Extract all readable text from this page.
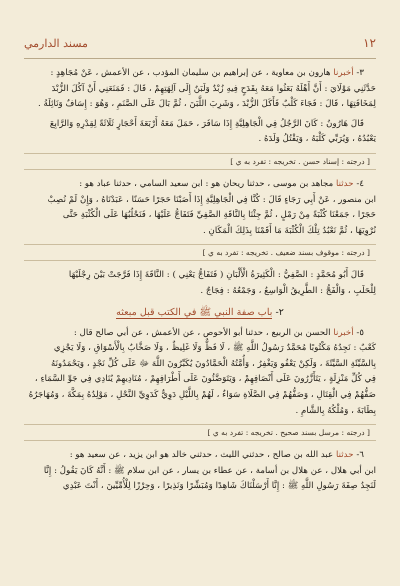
١٢
مسند الدارمي

٣- أخبرنا هارون بن معاوية ، عن إبراهيم بن سليمان المؤدب ، عن الأعمش ، عَنْ مُجَاهِدٍ :

حَدَّثَنِي مَوْلَايَ : أَنَّ أَهْلَهُ بَعَثُوا مَعَهُ بِقَدَحٍ فِيهِ زُبْدٌ وَلَبَنٌ إِلَى آلِهَتِهِمْ ، قَالَ : فَمَنَعَنِي أَنْ آكُلَ الزُّبْدَ

لِمَخَافَتِهَا ، قَالَ : فَجَاءَ كَلْبٌ فَأَكَلَ الزُّبْدَ ، وَشَرِبَ اللَّبَنَ ، ثُمَّ بَالَ عَلَى الصَّنَمِ ، وَهُوَ : إِسَافٌ وَنَائِلَةُ .

قَالَ هَارُونُ : كَانَ الرَّجُلُ فِي الْجَاهِلِيَّةِ إِذَا سَافَرَ ، حَمَلَ مَعَهُ أَرْبَعَةَ أَحْجَارٍ ثَلَاثَةً لِقِدْرِهِ وَالرَّابِعَ

يَعْبُدُهُ ، وَيُرَبِّي كَلْبَهُ ، وَيَقْتُلُ وَلَدَهُ .

[ درجته : إسناد حسن . تخريجه : تفرد به ي ]

٤- حدثنا مجاهد بن موسى ، حدثنا ريحان هو : ابن سعيد السامي ، حدثنا عباد هو :

ابن منصور ، عَنْ أَبِي رَجَاءٍ قَالَ : كُنَّا فِي الْجَاهِلِيَّةِ إِذَا أَصَبْنَا حَجَرًا حَسَنًا ، عَبَدْنَاهُ ، وَإِنْ لَمْ نُصِبْ

حَجَرًا ، جَمَعْنَا كُثْبَةً مِنْ رَمْلٍ ، ثُمَّ جِئْنَا بِالنَّاقَةِ الصَّفِيِّ فَتَفَاجُّ عَلَيْهَا ، فَنَحْلُبُهَا عَلَى الْكُثْبَةِ حَتَّى

نُرْوِيَهَا ، ثُمَّ نَعْبُدُ تِلْكَ الْكُثْبَةَ مَا أَقَمْنَا بِذَلِكَ الْمَكَانِ .

[ درجته : موقوف بسند ضعيف . تخريجه : تفرد به ي ]

قَالَ أَبُو مُحَمَّدٍ : الصَّفِيُّ : الْكَثِيرَةُ الْأَلْبَانِ ( فَتَفَاجُّ يَعْنِي ) : النَّاقَةَ إِذَا فَرَّجَتْ بَيْنَ رِجْلَيْهَا

لِلْحَلَبِ ، وَالْفَجُّ : الطَّرِيقُ الْوَاسِعُ ، وَجَمْعُهُ : فِجَاجٌ .

٢- باب صفة النبي ﷺ في الكتب قبل مبعثه

٥- أخبرنا الحسن بن الربيع ، حدثنا أبو الأحوص ، عن الأعمش ، عن أبي صالح قال :

كَعْبٌ : نَجِدُهُ مَكْتُوبًا مُحَمَّدٌ رَسُولُ اللَّهِ ﷺ ، لَا فَظٌّ وَلَا غَلِيظٌ ، وَلَا صَخَّابٌ بِالْأَسْوَاقِ ، وَلَا يَجْزِي

بِالسَّيِّئَةِ السَّيِّئَةَ ، وَلَكِنْ يَعْفُو وَيَغْفِرُ ، وَأُمَّتُهُ الْحَمَّادُونَ يُكَبِّرُونَ اللَّهَ ﷻ عَلَى كُلِّ نَجْدٍ ، وَيَحْمَدُونَهُ

فِي كُلِّ مَنْزِلَةٍ ، يَتَأَزَّرُونَ عَلَى أَنْصَافِهِمْ ، وَيَتَوَضَّئُونَ عَلَى أَطْرَافِهِمْ ، مُنَادِيهِمْ يُنَادِي فِي جَوِّ السَّمَاءِ ،

صَفُّهُمْ فِي الْقِتَالِ ، وَصَفُّهُمْ فِي الصَّلَاةِ سَوَاءٌ ، لَهُمْ بِاللَّيْلِ دَوِيٌّ كَدَوِيِّ النَّحْلِ ، مَوْلِدُهُ بِمَكَّةَ ، وَمُهَاجَرُهُ

بِطَابَةَ ، وَمُلْكُهُ بِالشَّامِ .

[ درجته : مرسل بسند صحيح . تخريجه : تفرد به ي ]

٦- حدثنا عبد الله بن صالح ، حدثني الليث ، حدثني خالد هو ابن يزيد ، عن سعيد هو :

ابن أبي هلال ، عن هلال بن أسامة ، عن عطاء بن يسار ، عن ابن سلام ﷺ : أَنَّهُ كَانَ يَقُولُ : إِنَّا

لَنَجِدُ صِفَةَ رَسُولِ اللَّهِ ﷺ : إِنَّا أَرْسَلْنَاكَ شَاهِدًا وَمُبَشِّرًا وَنَذِيرًا ، وَحِرْزًا لِلْأُمِّيِّينَ ، أَنْتَ عَبْدِي
